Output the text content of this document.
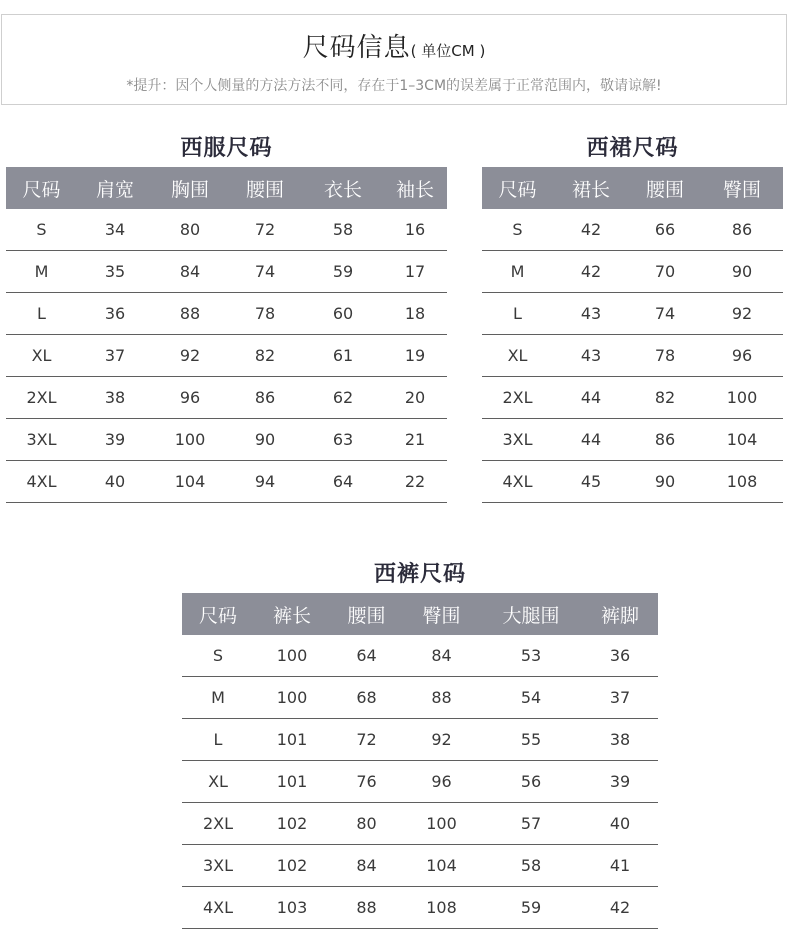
尺码信息( 单位CM )
*提升：因个人侧量的方法方法不同，存在于1–3CM的误差属于正常范围内，敬请谅解!
西服尺码
尺码	肩宽	胸围	腰围	衣长	袖长
S	34	80	72	58	16
M	35	84	74	59	17
L	36	88	78	60	18
XL	37	92	82	61	19
2XL	38	96	86	62	20
3XL	39	100	90	63	21
4XL	40	104	94	64	22
西裙尺码
尺码	裙长	腰围	臀围
S	42	66	86
M	42	70	90
L	43	74	92
XL	43	78	96
2XL	44	82	100
3XL	44	86	104
4XL	45	90	108
西裤尺码
尺码	裤长	腰围	臀围	大腿围	裤脚
S	100	64	84	53	36
M	100	68	88	54	37
L	101	72	92	55	38
XL	101	76	96	56	39
2XL	102	80	100	57	40
3XL	102	84	104	58	41
4XL	103	88	108	59	42
